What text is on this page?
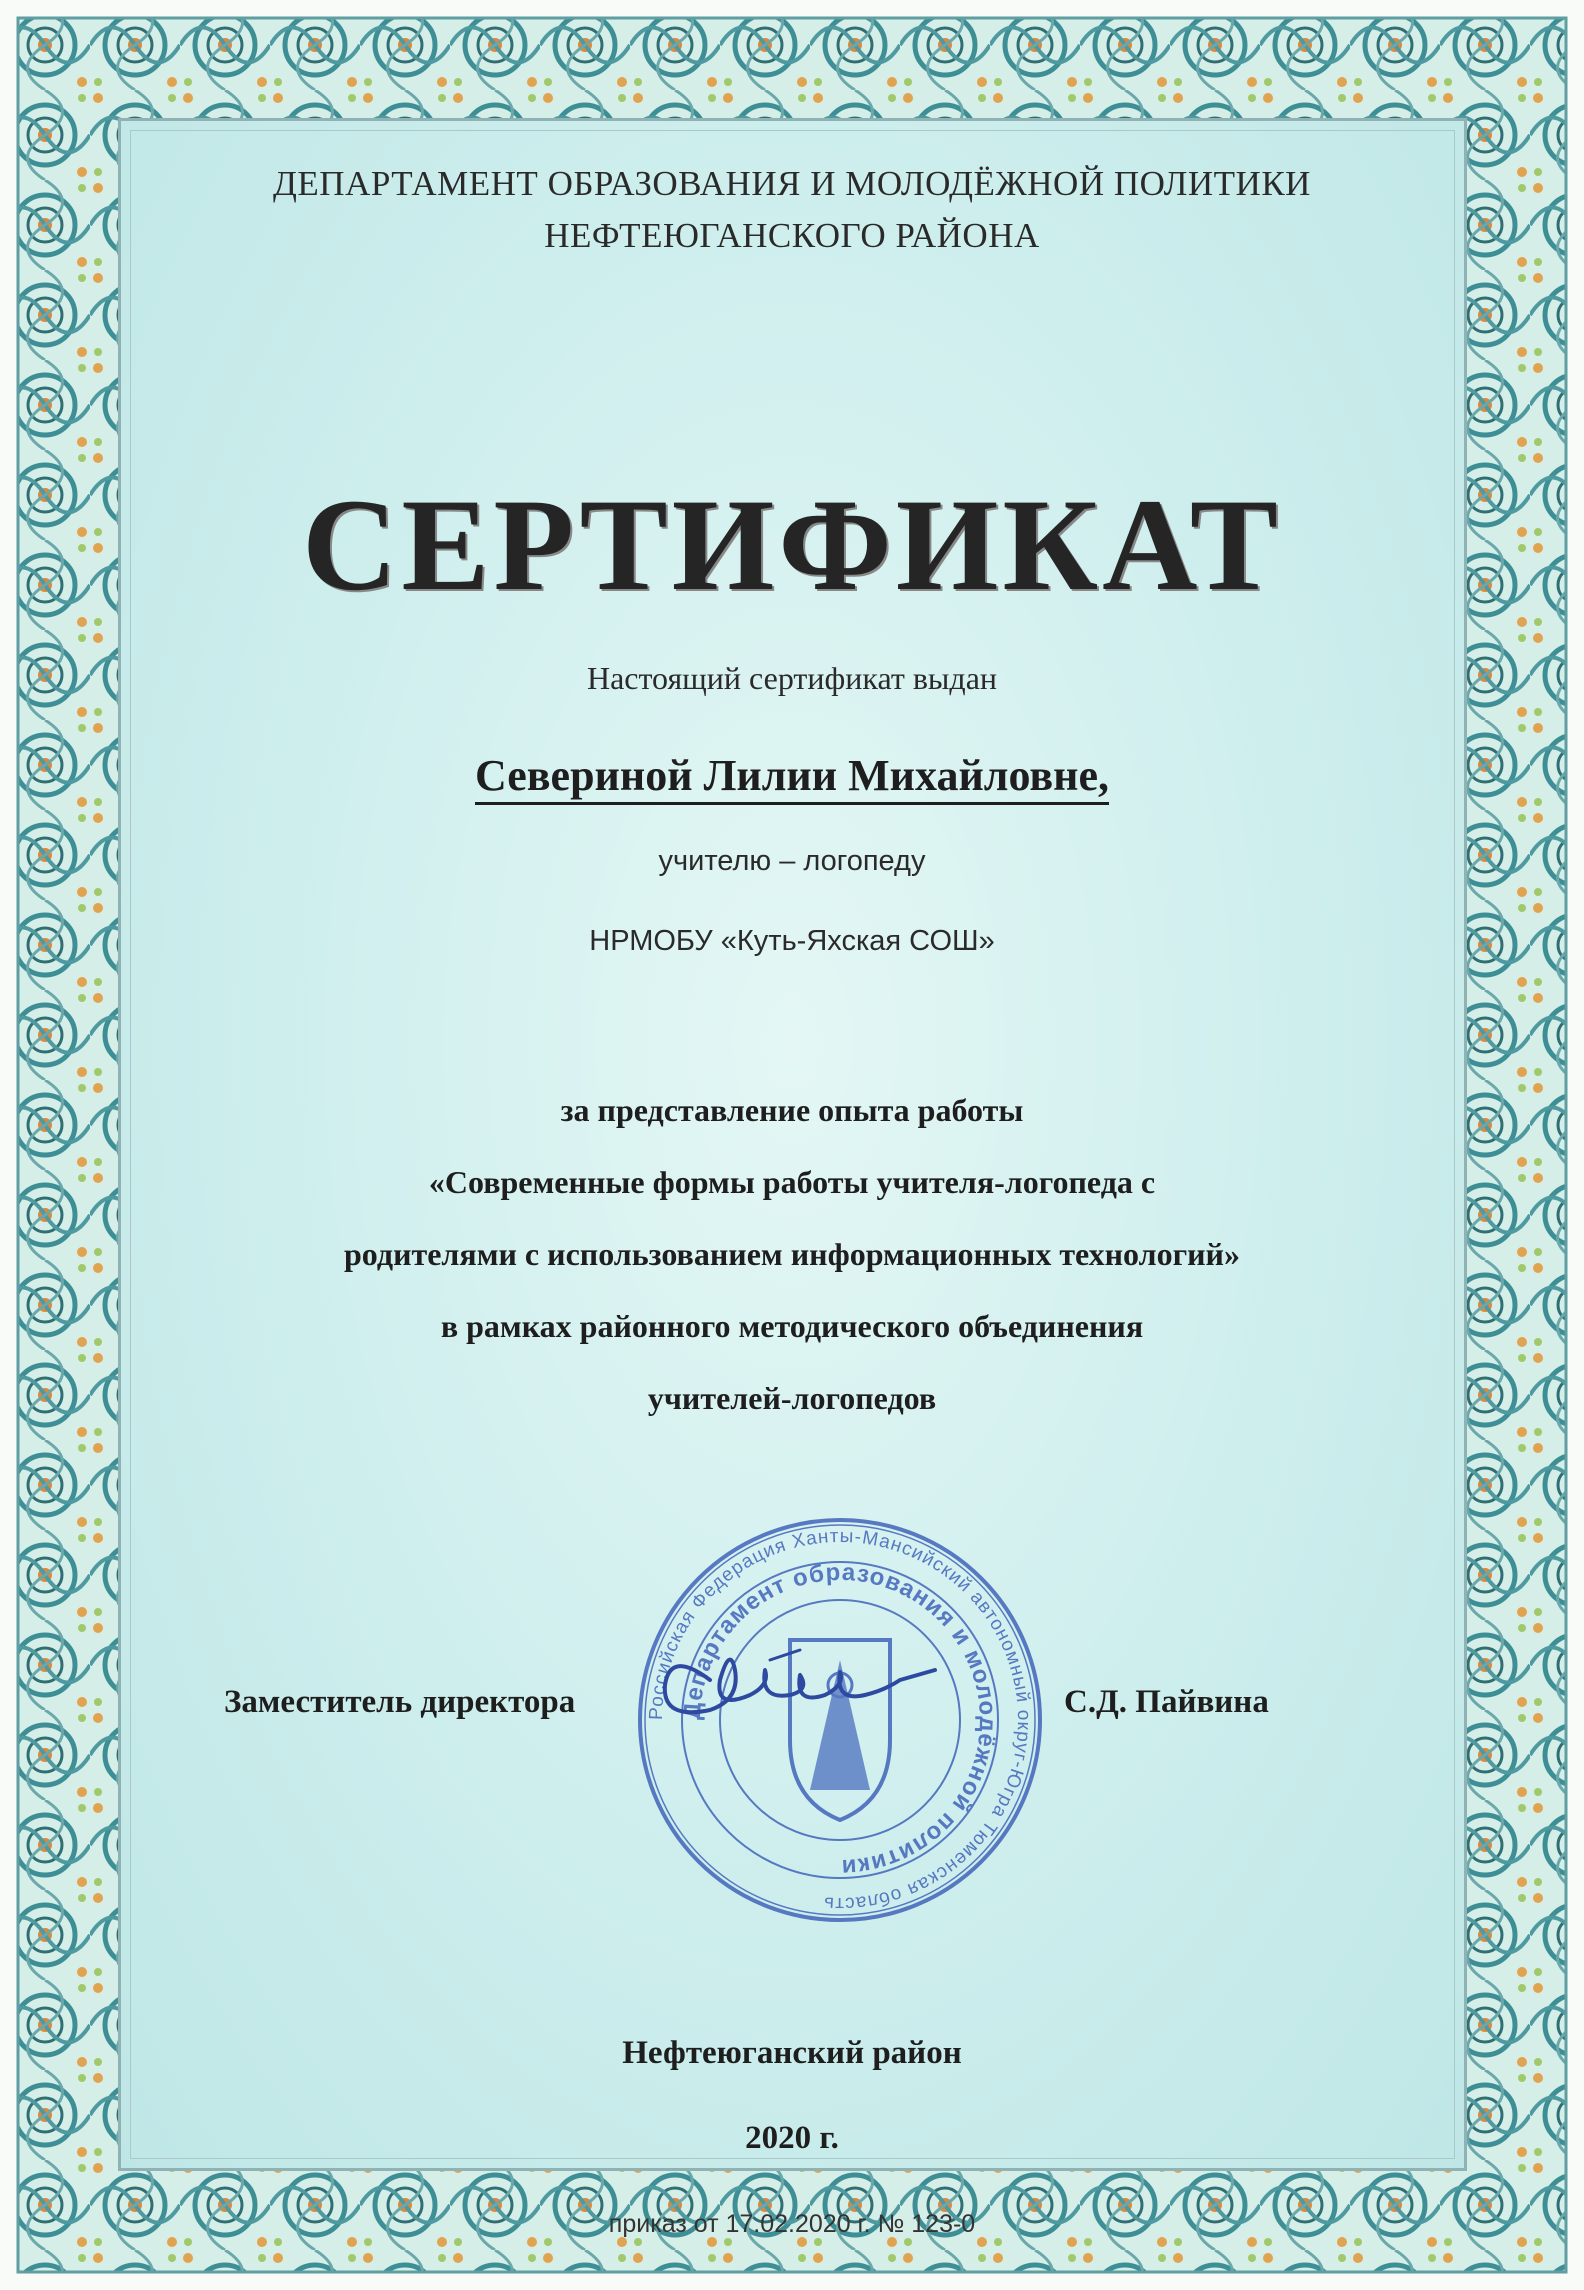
ДЕПАРТАМЕНТ ОБРАЗОВАНИЯ И МОЛОДЁЖНОЙ ПОЛИТИКИ
НЕФТЕЮГАНСКОГО РАЙОНА
СЕРТИФИКАТ
Настоящий сертификат выдан
Севериной Лилии Михайловне,
учителю – логопеду
НРМОБУ «Куть-Яхская СОШ»
за представление опыта работы
«Современные формы работы учителя-логопеда с
родителями с использованием информационных технологий»
в рамках районного методического объединения
учителей-логопедов
Российская Федерация Ханты-Мансийский автономный округ-Югра Тюменская область
Департамент образования и молодёжной политики
Заместитель директора	С.Д. Пайвина
Нефтеюганский район
2020 г.
приказ от 17.02.2020 г. № 123-0
